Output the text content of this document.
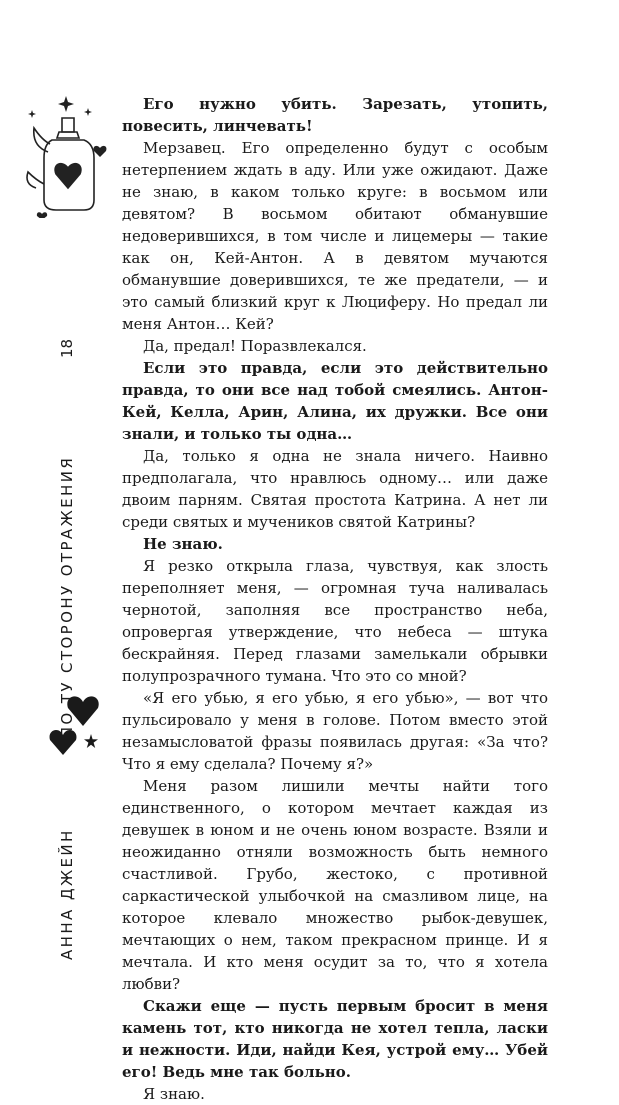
18
АННА ДЖЕЙНПО ТУ СТОРОНУ ОТРАЖЕНИЯ

Его нужно убить. Зарезать, утопить, повесить, линчевать!

Мерзавец. Его определенно будут с особым нетерпением ждать в аду. Или уже ожидают. Даже не знаю, в каком только круге: в восьмом или девятом? В восьмом обитают обманувшие недоверившихся, в том числе и лицемеры — такие как он, Кей-Антон. А в девятом мучаются обманувшие доверившихся, те же предатели, — и это самый близкий круг к Люциферу. Но предал ли меня Антон… Кей?

Да, предал! Поразвлекался.

Если это правда, если это действительно правда, то они все над тобой смеялись. Антон-Кей, Келла, Арин, Алина, их дружки. Все они знали, и только ты одна…

Да, только я одна не знала ничего. Наивно предполагала, что нравлюсь одному… или даже двоим парням. Святая простота Катрина. А нет ли среди святых и мучеников святой Катрины?

Не знаю.

Я резко открыла глаза, чувствуя, как злость переполняет меня, — огромная туча наливалась чернотой, заполняя все пространство неба, опровергая утверждение, что небеса — штука бескрайняя. Перед глазами замелькали обрывки полупрозрачного тумана. Что это со мной?

«Я его убью, я его убью, я его убью», — вот что пульсировало у меня в голове. Потом вместо этой незамысловатой фразы появилась другая: «За что? Что я ему сделала? Почему я?»

Меня разом лишили мечты найти того единственного, о котором мечтает каждая из девушек в юном и не очень юном возрасте. Взяли и неожиданно отняли возможность быть немного счастливой. Грубо, жестоко, с противной саркастической улыбочкой на смазливом лице, на которое клевало множество рыбок-девушек, мечтающих о нем, таком прекрасном принце. И я мечтала. И кто меня осудит за то, что я хотела любви?

Скажи еще — пусть первым бросит в меня камень тот, кто никогда не хотел тепла, ласки и нежности. Иди, найди Кея, устрой ему… Убей его! Ведь мне так больно.

Я знаю.
